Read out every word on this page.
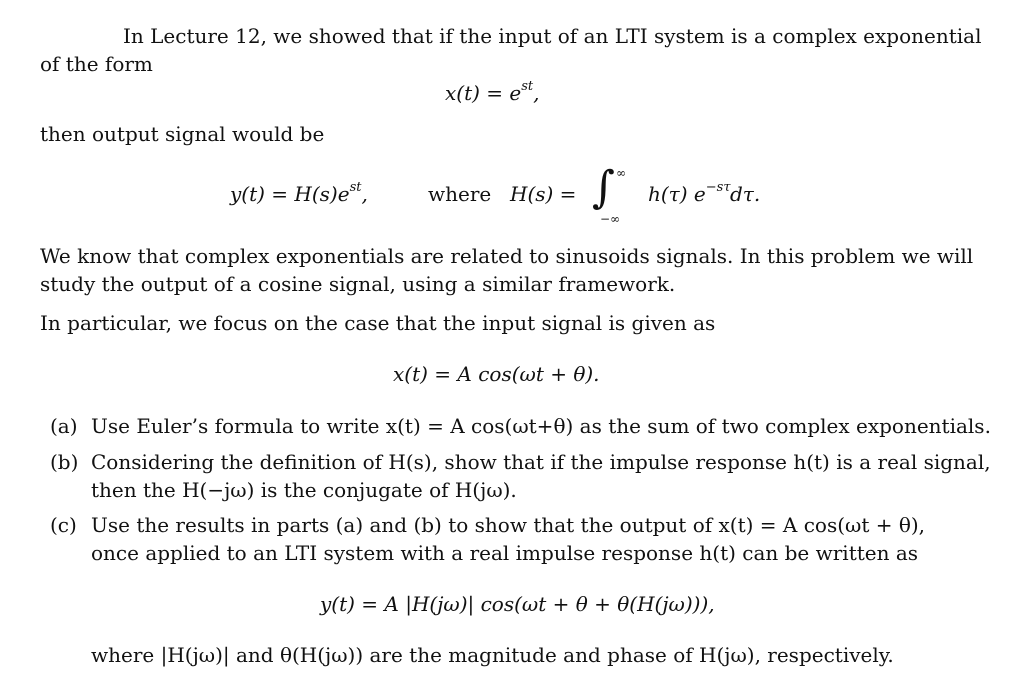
In Lecture 12, we showed that if the input of an LTI system is a complex exponential
of the form
$x(t) = e^{st}$,
then output signal would be
$y(t) = H(s)e^{st}$,	where H(s) = ∫ ∞
−∞
h(τ) $e^{-s\tau}$ dτ.
We know that complex exponentials are related to sinusoids signals. In this problem we will
study the output of a cosine signal, using a similar framework.
In particular, we focus on the case that the input signal is given as
x(t) = A cos(ωt + θ).
(a) Use Euler’s formula to write x(t) = A cos(ωt+θ) as the sum of two complex exponentials.
(b) Considering the definition of H(s), show that if the impulse response h(t) is a real signal,
then the H(−jω) is the conjugate of H(jω).
(c) Use the results in parts (a) and (b) to show that the output of x(t) = A cos(ωt + θ),
once applied to an LTI system with a real impulse response h(t) can be written as
y(t) = A |H(jω)| cos(ωt + θ + θ(H(jω))),
where |H(jω)| and θ(H(jω)) are the magnitude and phase of H(jω), respectively.
